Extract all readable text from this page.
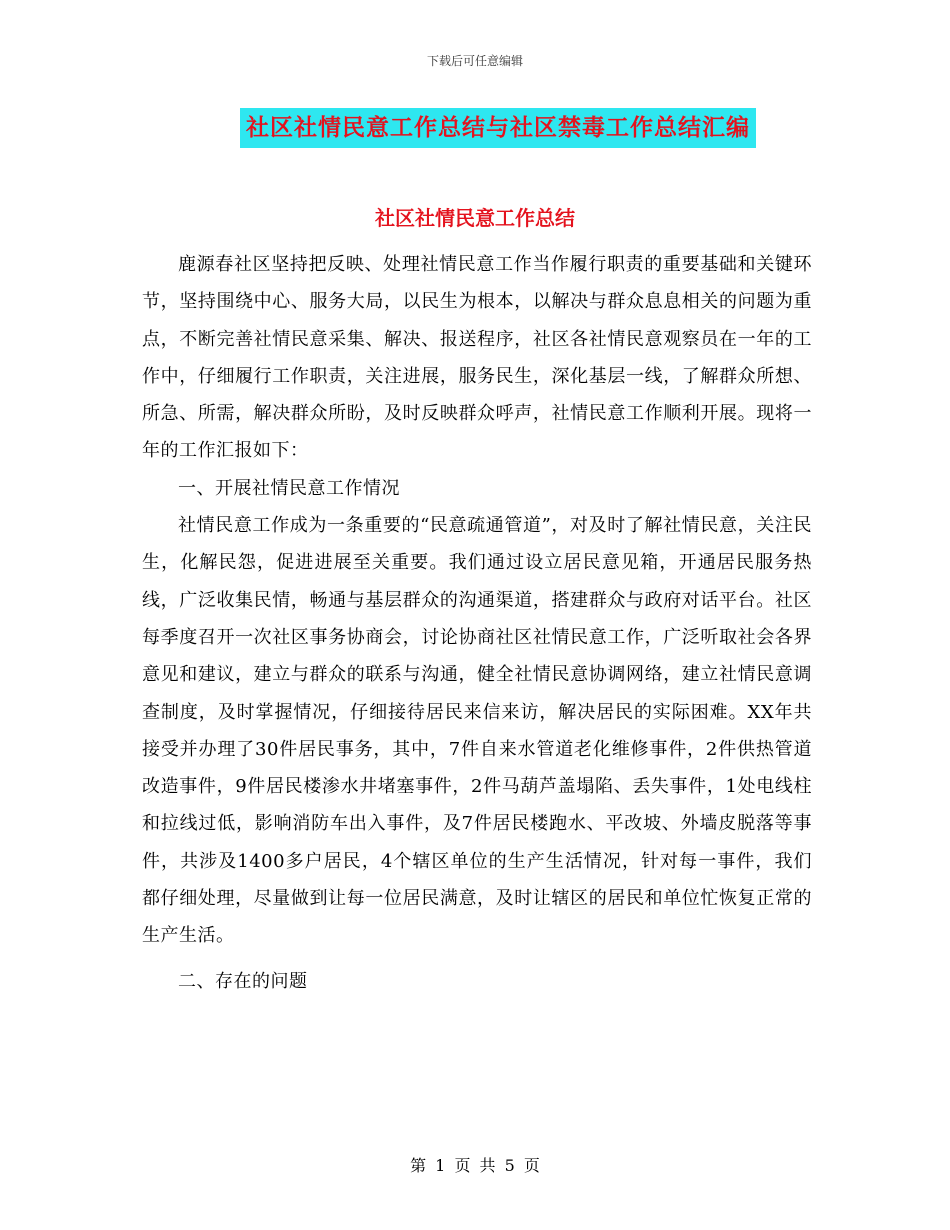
下载后可任意编辑
社区社情民意工作总结与社区禁毒工作总结汇编
社区社情民意工作总结

鹿源春社区坚持把反映、处理社情民意工作当作履行职责的重要基础和关键环节，坚持围绕中心、服务大局，以民生为根本，以解决与群众息息相关的问题为重点，不断完善社情民意采集、解决、报送程序，社区各社情民意观察员在一年的工作中，仔细履行工作职责，关注进展，服务民生，深化基层一线，了解群众所想、所急、所需，解决群众所盼，及时反映群众呼声，社情民意工作顺利开展。现将一年的工作汇报如下：

一、开展社情民意工作情况

社情民意工作成为一条重要的“民意疏通管道”，对及时了解社情民意，关注民生，化解民怨，促进进展至关重要。我们通过设立居民意见箱，开通居民服务热线，广泛收集民情，畅通与基层群众的沟通渠道，搭建群众与政府对话平台。社区每季度召开一次社区事务协商会，讨论协商社区社情民意工作，广泛听取社会各界意见和建议，建立与群众的联系与沟通，健全社情民意协调网络，建立社情民意调查制度，及时掌握情况，仔细接待居民来信来访，解决居民的实际困难。XX年共接受并办理了30件居民事务，其中，7件自来水管道老化维修事件，2件供热管道改造事件，9件居民楼渗水井堵塞事件，2件马葫芦盖塌陷、丢失事件，1处电线柱和拉线过低，影响消防车出入事件，及7件居民楼跑水、平改坡、外墙皮脱落等事件，共涉及1400多户居民，4个辖区单位的生产生活情况，针对每一事件，我们都仔细处理，尽量做到让每一位居民满意，及时让辖区的居民和单位忙恢复正常的生产生活。

二、存在的问题

第 1 页 共 5 页
